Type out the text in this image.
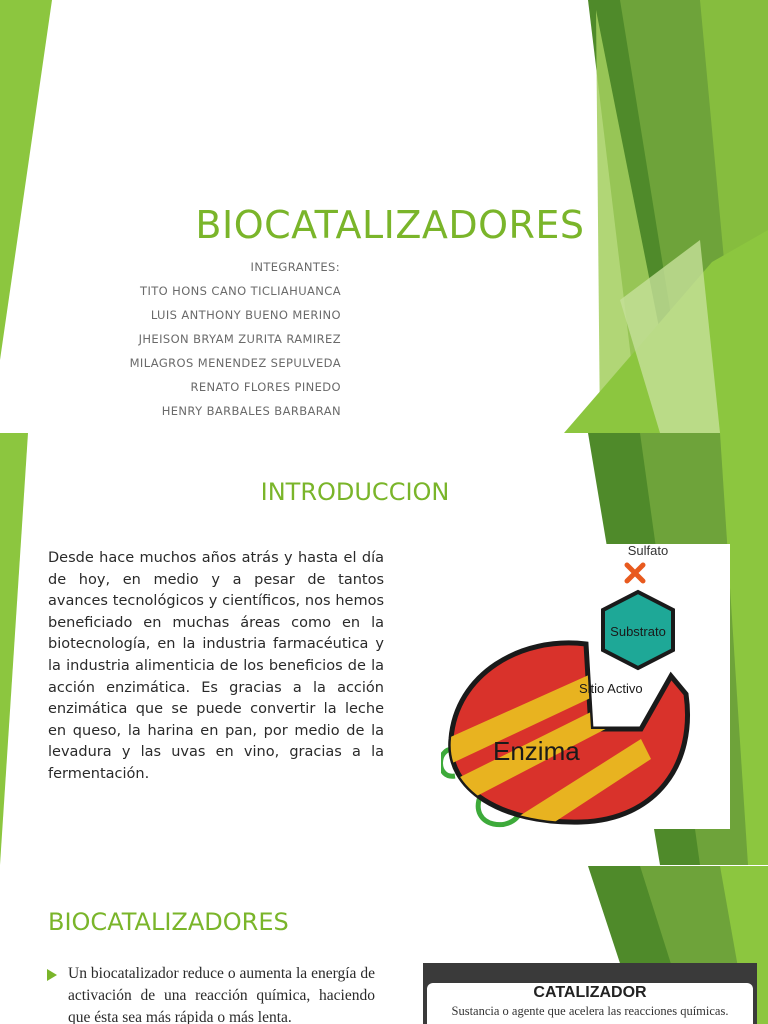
BIOCATALIZADORES
INTEGRANTES:
TITO HONS CANO TICLIAHUANCA
LUIS ANTHONY BUENO MERINO
JHEISON BRYAM ZURITA RAMIREZ
MILAGROS MENENDEZ SEPULVEDA
RENATO FLORES PINEDO
HENRY BARBALES BARBARAN
INTRODUCCION
Desde hace muchos años atrás y hasta el día de hoy, en medio y a pesar de tantos avances tecnológicos y científicos, nos hemos beneficiado en muchas áreas como en la biotecnología, en la industria farmacéutica y la industria alimenticia de los beneficios de la acción enzimática. Es gracias a la acción enzimática que se puede convertir la leche en queso, la harina en pan, por medio de la levadura y las uvas en vino, gracias a la fermentación.
Sulfato
Substrato
Sitio Activo
Enzima
BIOCATALIZADORES
Un biocatalizador reduce o aumenta la energía de activación de una reacción química, haciendo que ésta sea más rápida o más lenta.
CATALIZADOR
Sustancia o agente que acelera las reacciones químicas.
